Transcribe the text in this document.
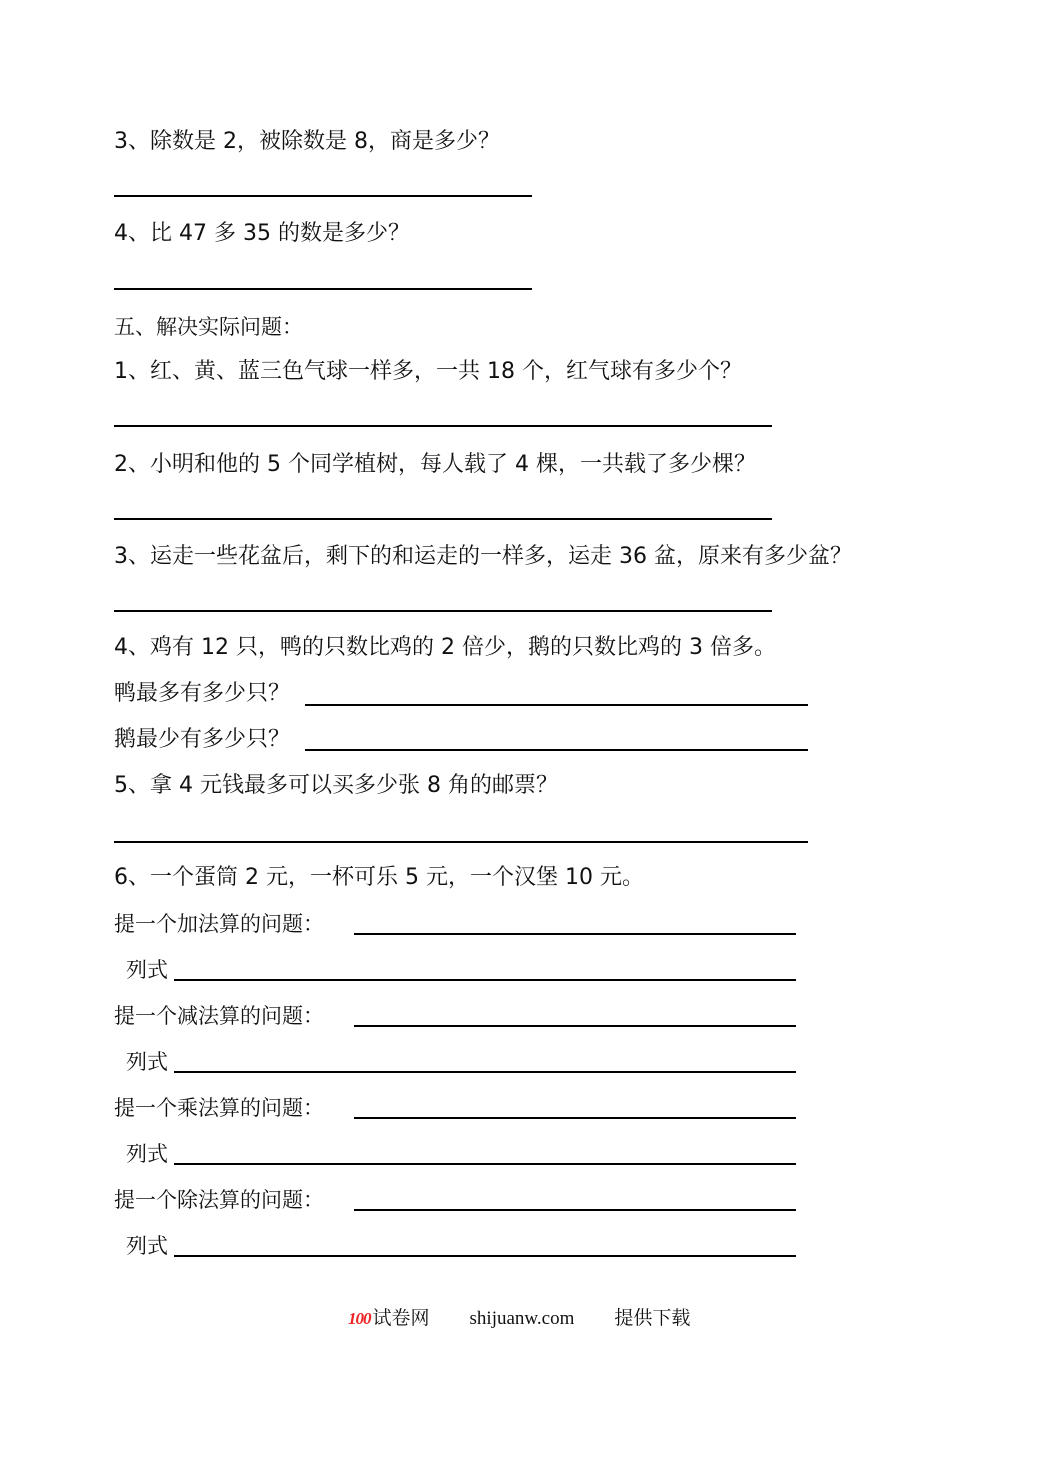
3、除数是 2，被除数是 8，商是多少？
4、比 47 多 35 的数是多少？
五、解决实际问题：
1、红、黄、蓝三色气球一样多，一共 18 个，红气球有多少个？
2、小明和他的 5 个同学植树，每人载了 4 棵，一共载了多少棵？
3、运走一些花盆后，剩下的和运走的一样多，运走 36 盆，原来有多少盆？
4、鸡有 12 只，鸭的只数比鸡的 2 倍少，鹅的只数比鸡的 3 倍多。
鸭最多有多少只？
鹅最少有多少只？
5、拿 4 元钱最多可以买多少张 8 角的邮票？
6、一个蛋筒 2 元，一杯可乐 5 元，一个汉堡 10 元。
提一个加法算的问题：
列式
提一个减法算的问题：
列式
提一个乘法算的问题：
列式
提一个除法算的问题：
列式
100 试卷网 shijuanw.com 提供下载
